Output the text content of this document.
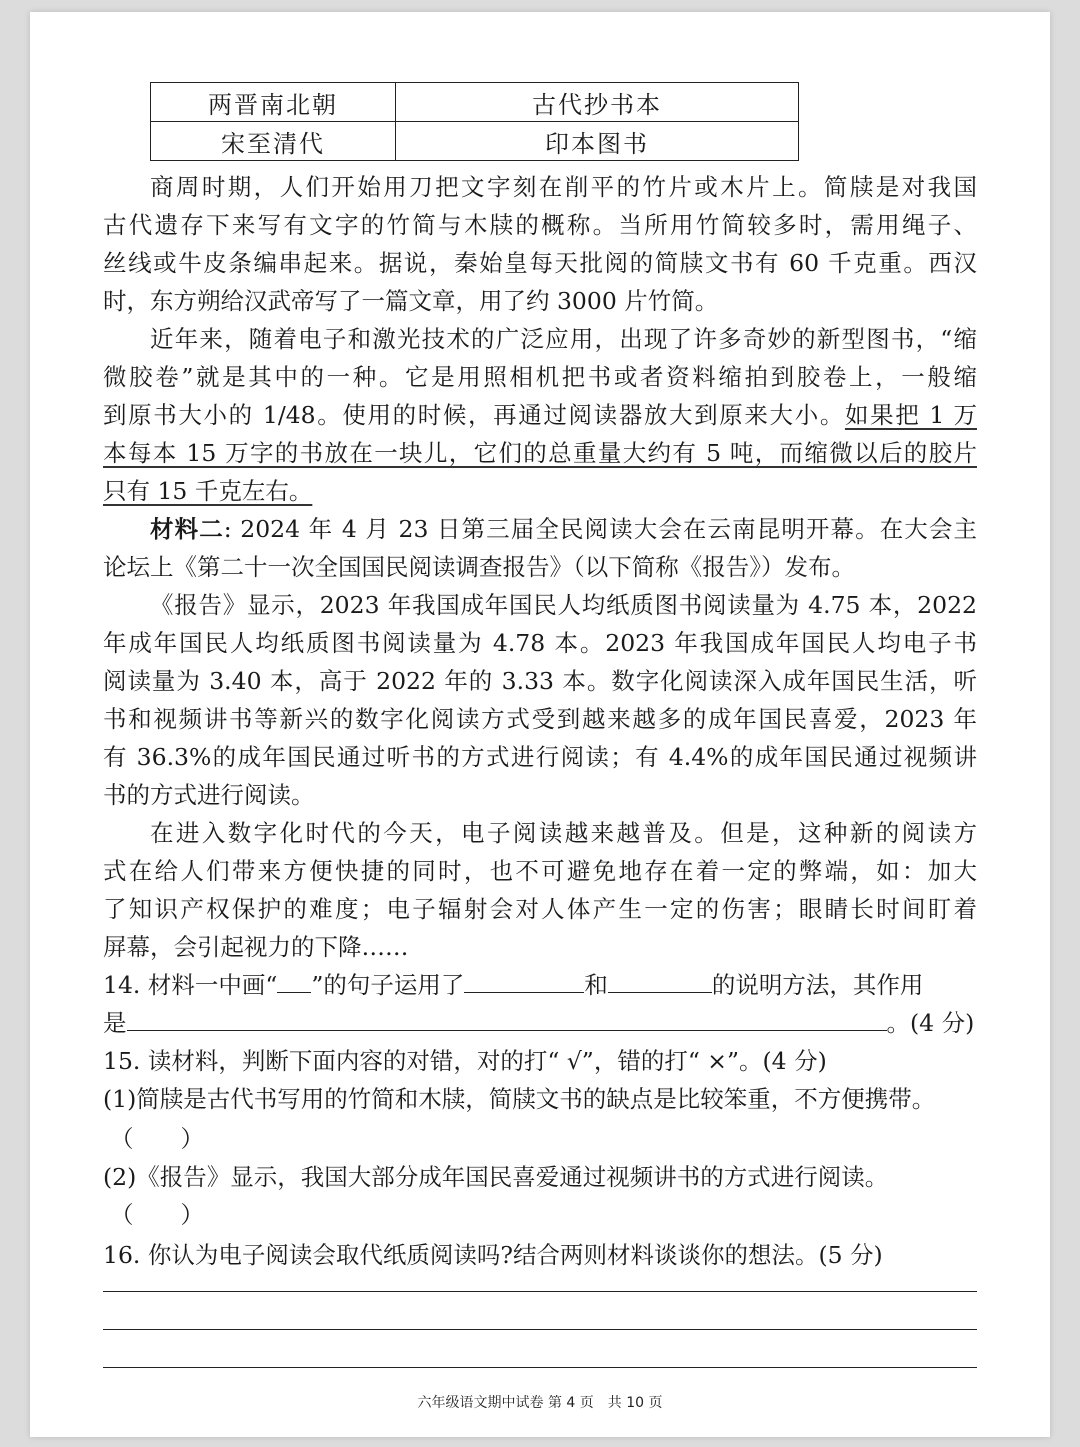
两晋南北朝	古代抄书本
宋至清代	印本图书
商周时期，人们开始用刀把文字刻在削平的竹片或木片上。简牍是对我国
古代遗存下来写有文字的竹简与木牍的概称。当所用竹简较多时，需用绳子、
丝线或牛皮条编串起来。据说，秦始皇每天批阅的简牍文书有 60 千克重。西汉
时，东方朔给汉武帝写了一篇文章，用了约 3000 片竹简。
近年来，随着电子和激光技术的广泛应用，出现了许多奇妙的新型图书，“缩
微胶卷”就是其中的一种。它是用照相机把书或者资料缩拍到胶卷上，一般缩
到原书大小的 1/48。使用的时候，再通过阅读器放大到原来大小。如果把 1 万
本每本 15 万字的书放在一块儿，它们的总重量大约有 5 吨，而缩微以后的胶片
只有 15 千克左右。
材料二: 2024 年 4 月 23 日第三届全民阅读大会在云南昆明开幕。在大会主
论坛上《第二十一次全国国民阅读调查报告》（以下简称《报告》）发布。
《报告》显示，2023 年我国成年国民人均纸质图书阅读量为 4.75 本，2022
年成年国民人均纸质图书阅读量为 4.78 本。2023 年我国成年国民人均电子书
阅读量为 3.40 本，高于 2022 年的 3.33 本。数字化阅读深入成年国民生活，听
书和视频讲书等新兴的数字化阅读方式受到越来越多的成年国民喜爱，2023 年
有 36.3%的成年国民通过听书的方式进行阅读；有 4.4%的成年国民通过视频讲
书的方式进行阅读。
在进入数字化时代的今天，电子阅读越来越普及。但是，这种新的阅读方
式在给人们带来方便快捷的同时，也不可避免地存在着一定的弊端，如：加大
了知识产权保护的难度；电子辐射会对人体产生一定的伤害；眼睛长时间盯着
屏幕，会引起视力的下降……
14. 材料一中画“ ”的句子运用了	和	的说明方法，其作用
是	。(4 分)
15. 读材料，判断下面内容的对错，对的打“ √”，错的打“ ×”。(4 分)
(1)简牍是古代书写用的竹简和木牍，简牍文书的缺点是比较笨重，不方便携带。
（　　）
(2)《报告》显示，我国大部分成年国民喜爱通过视频讲书的方式进行阅读。
（　　）
16. 你认为电子阅读会取代纸质阅读吗?结合两则材料谈谈你的想法。(5 分)
六年级语文期中试卷 第 4 页　共 10 页
